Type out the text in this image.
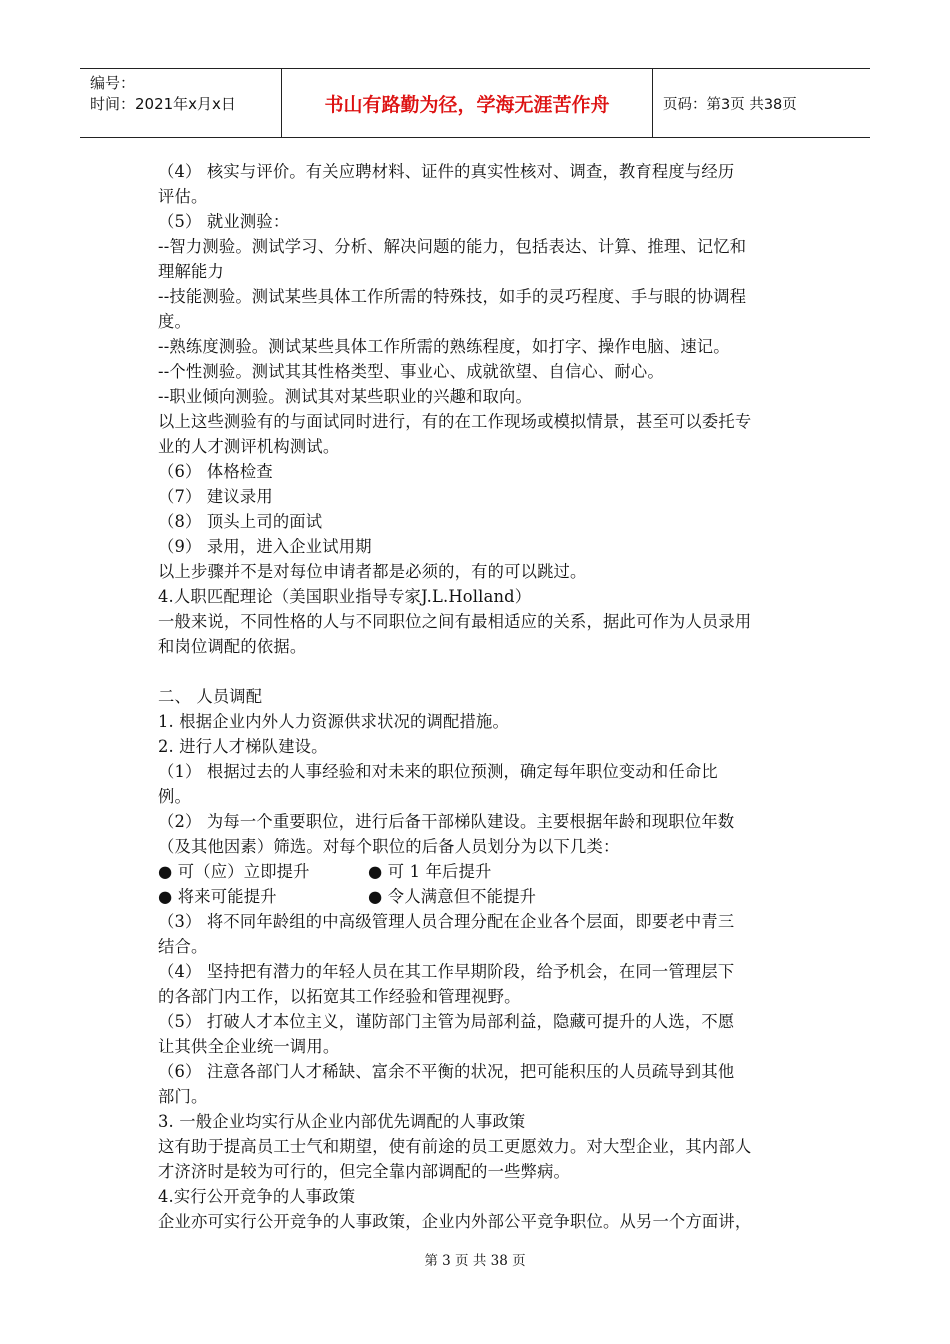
编号：
时间：2021年x月x日	书山有路勤为径，学海无涯苦作舟	页码：第3页 共38页
（4） 核实与评价。有关应聘材料、证件的真实性核对、调查，教育程度与经历
评估。
（5） 就业测验：
--智力测验。测试学习、分析、解决问题的能力，包括表达、计算、推理、记忆和
理解能力
--技能测验。测试某些具体工作所需的特殊技，如手的灵巧程度、手与眼的协调程
度。
--熟练度测验。测试某些具体工作所需的熟练程度，如打字、操作电脑、速记。
--个性测验。测试其其性格类型、事业心、成就欲望、自信心、耐心。
--职业倾向测验。测试其对某些职业的兴趣和取向。
以上这些测验有的与面试同时进行，有的在工作现场或模拟情景，甚至可以委托专
业的人才测评机构测试。
（6） 体格检查
（7） 建议录用
（8） 顶头上司的面试
（9） 录用，进入企业试用期
以上步骤并不是对每位申请者都是必须的，有的可以跳过。
4.人职匹配理论（美国职业指导专家J.L.Holland）
一般来说，不同性格的人与不同职位之间有最相适应的关系，据此可作为人员录用
和岗位调配的依据。
二、 人员调配
1. 根据企业内外人力资源供求状况的调配措施。
2. 进行人才梯队建设。
（1） 根据过去的人事经验和对未来的职位预测，确定每年职位变动和任命比
例。
（2） 为每一个重要职位，进行后备干部梯队建设。主要根据年龄和现职位年数
（及其他因素）筛选。对每个职位的后备人员划分为以下几类：
● 可（应）立即提升	● 可 1 年后提升
● 将来可能提升	● 令人满意但不能提升
（3） 将不同年龄组的中高级管理人员合理分配在企业各个层面，即要老中青三
结合。
（4） 坚持把有潜力的年轻人员在其工作早期阶段，给予机会，在同一管理层下
的各部门内工作，以拓宽其工作经验和管理视野。
（5） 打破人才本位主义，谨防部门主管为局部利益，隐藏可提升的人选，不愿
让其供全企业统一调用。
（6） 注意各部门人才稀缺、富余不平衡的状况，把可能积压的人员疏导到其他
部门。
3. 一般企业均实行从企业内部优先调配的人事政策
这有助于提高员工士气和期望，使有前途的员工更愿效力。对大型企业，其内部人
才济济时是较为可行的，但完全靠内部调配的一些弊病。
4.实行公开竞争的人事政策
企业亦可实行公开竞争的人事政策，企业内外部公平竞争职位。从另一个方面讲，
第 3 页 共 38 页
